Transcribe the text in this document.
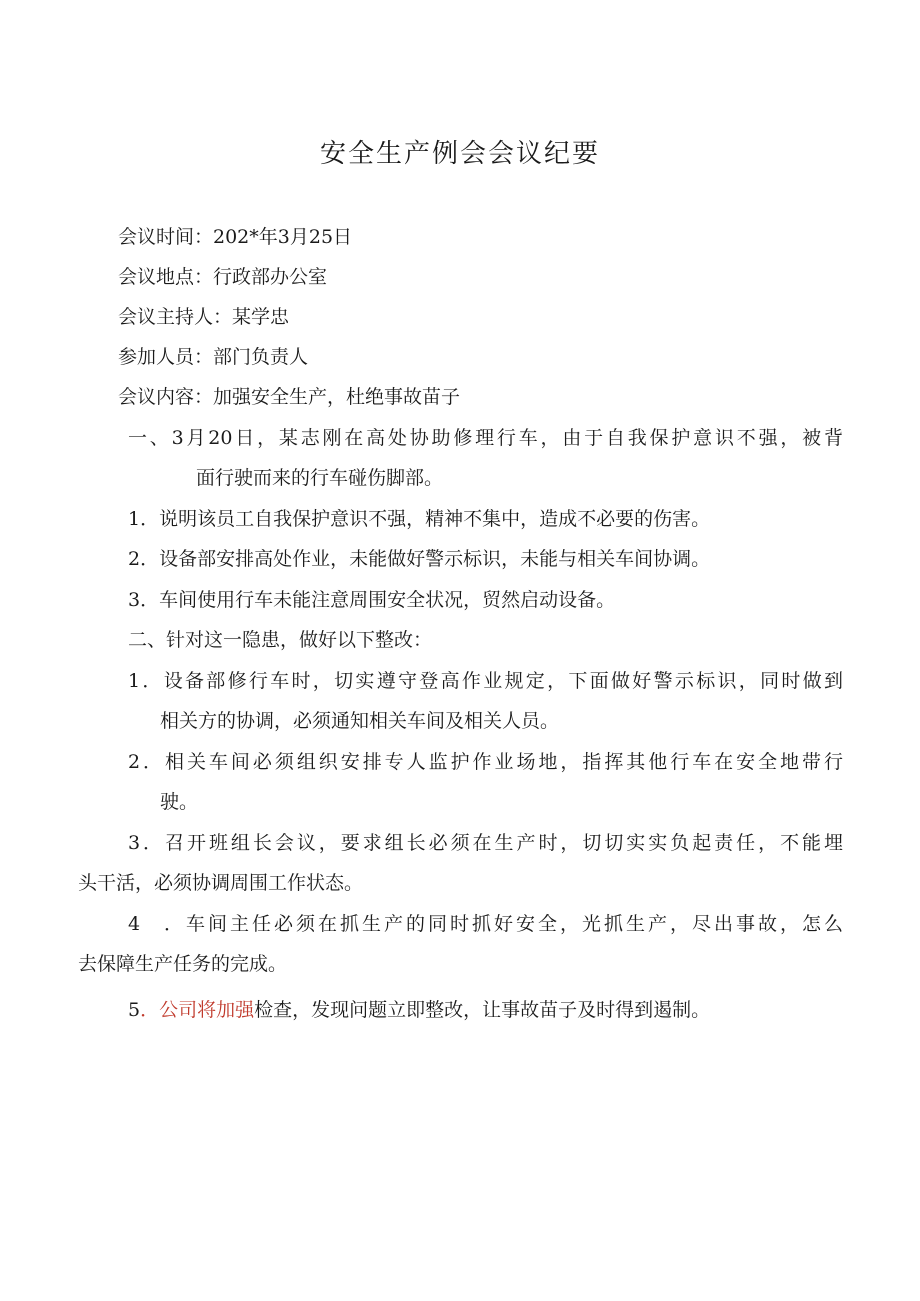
安全生产例会会议纪要
会议时间：202*年3月25日
会议地点：行政部办公室
会议主持人：某学忠
参加人员：部门负责人
会议内容：加强安全生产，杜绝事故苗子
一、3月20日，某志刚在高处协助修理行车，由于自我保护意识不强，被背
面行驶而来的行车碰伤脚部。
1．说明该员工自我保护意识不强，精神不集中，造成不必要的伤害。
2．设备部安排高处作业，未能做好警示标识，未能与相关车间协调。
3．车间使用行车未能注意周围安全状况，贸然启动设备。
二、针对这一隐患，做好以下整改：
1．设备部修行车时，切实遵守登高作业规定，下面做好警示标识，同时做到
相关方的协调，必须通知相关车间及相关人员。
2．相关车间必须组织安排专人监护作业场地，指挥其他行车在安全地带行
驶。
3．召开班组长会议，要求组长必须在生产时，切切实实负起责任，不能埋
头干活，必须协调周围工作状态。
4 ．车间主任必须在抓生产的同时抓好安全，光抓生产，尽出事故，怎么
去保障生产任务的完成。
5．公司将加强检查，发现问题立即整改，让事故苗子及时得到遏制。
